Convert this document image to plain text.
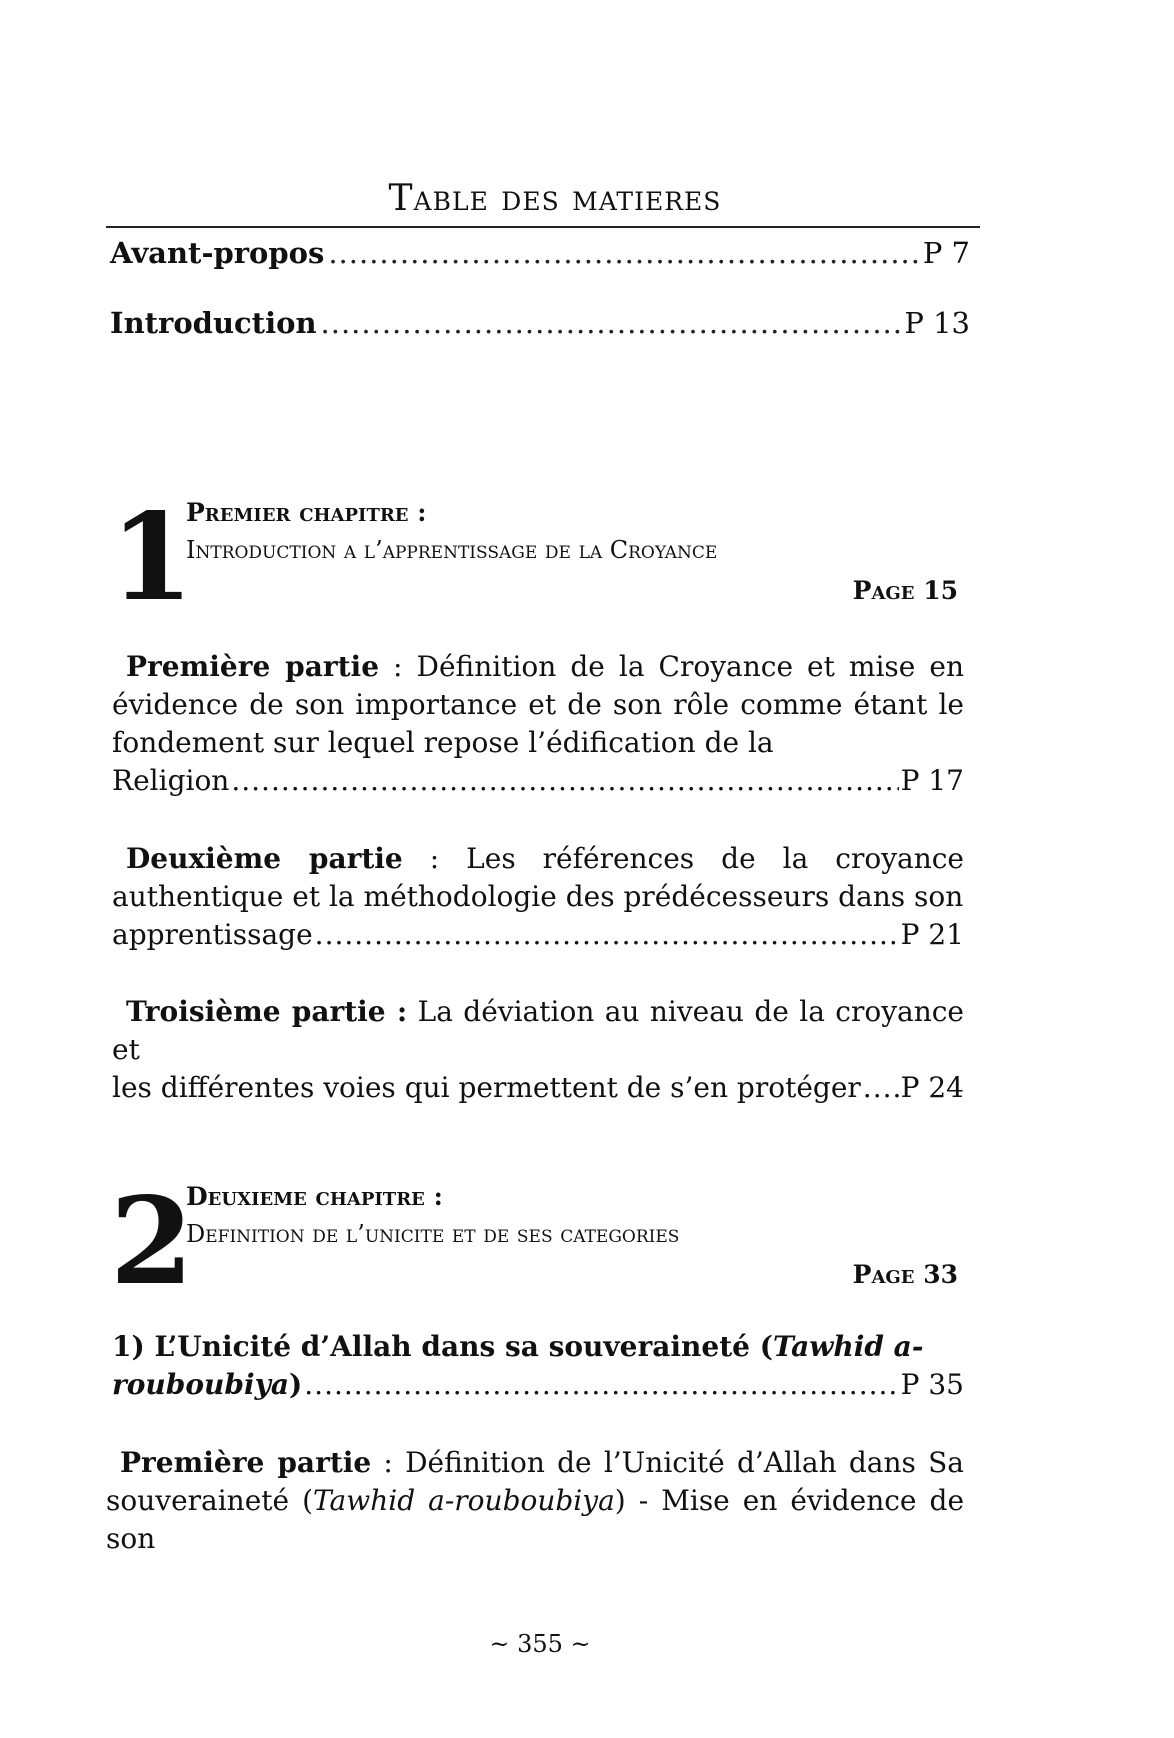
Table des matieres
Avant-propos .....	P 7
Introduction .....	P 13
1
Premier chapitre :
Introduction a l’apprentissage de la Croyance
Page 15
 Première partie : Définition de la Croyance et mise en évidence de son importance et de son rôle comme étant le fondement sur lequel repose l’édification de la
Religion .....	P 17
 Deuxième partie : Les références de la croyance authentique et la méthodologie des prédécesseurs dans son
apprentissage .....	P 21
 Troisième partie : La déviation au niveau de la croyance et
les différentes voies qui permettent de s’en protéger ..... P 24
2
Deuxieme chapitre :
Definition de l’unicite et de ses categories
Page 33
1) L’Unicité d’Allah dans sa souveraineté (Tawhid a-
rouboubiya) .....	P 35
 Première partie : Définition de l’Unicité d’Allah dans Sa souveraineté (Tawhid a-rouboubiya) - Mise en évidence de son
~ 355 ~
